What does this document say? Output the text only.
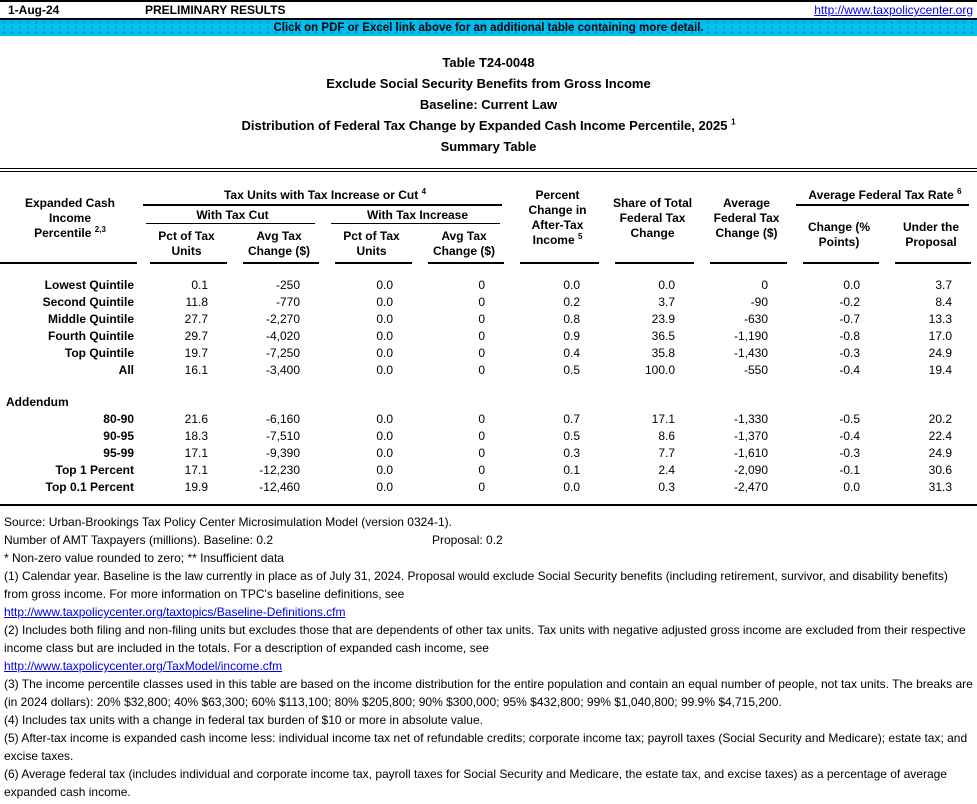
1-Aug-24	PRELIMINARY RESULTS	http://www.taxpolicycenter.org
Click on PDF or Excel link above for an additional table containing more detail.
Table T24-0048
Exclude Social Security Benefits from Gross Income
Baseline: Current Law
Distribution of Federal Tax Change by Expanded Cash Income Percentile, 2025 $^1$
Summary Table
Expanded Cash Income
Percentile $^{2,3}$	Tax Units with Tax Increase or Cut $^4$				Percent Change in After-Tax Income $^5$	Share of Total Federal Tax Change	Average Federal Tax Change ($)	Average Federal Tax Rate $^6$
	With Tax Cut		With Tax Increase					Change (% Points)	Under the Proposal
	Pct of Tax Units	Avg Tax Change ($)	Pct of Tax Units	Avg Tax Change ($)					

Lowest Quintile	0.1	-250	0.0	0	0.0	0.0	0	0.0	3.7
Second Quintile	11.8	-770	0.0	0	0.2	3.7	-90	-0.2	8.4
Middle Quintile	27.7	-2,270	0.0	0	0.8	23.9	-630	-0.7	13.3
Fourth Quintile	29.7	-4,020	0.0	0	0.9	36.5	-1,190	-0.8	17.0
Top Quintile	19.7	-7,250	0.0	0	0.4	35.8	-1,430	-0.3	24.9
All	16.1	-3,400	0.0	0	0.5	100.0	-550	-0.4	19.4

Addendum									
80-90	21.6	-6,160	0.0	0	0.7	17.1	-1,330	-0.5	20.2
90-95	18.3	-7,510	0.0	0	0.5	8.6	-1,370	-0.4	22.4
95-99	17.1	-9,390	0.0	0	0.3	7.7	-1,610	-0.3	24.9
Top 1 Percent	17.1	-12,230	0.0	0	0.1	2.4	-2,090	-0.1	30.6
Top 0.1 Percent	19.9	-12,460	0.0	0	0.0	0.3	-2,470	0.0	31.3

Source: Urban-Brookings Tax Policy Center Microsimulation Model (version 0324-1).

Number of AMT Taxpayers (millions). Baseline: 0.2	Proposal: 0.2

* Non-zero value rounded to zero; ** Insufficient data

(1) Calendar year. Baseline is the law currently in place as of July 31, 2024. Proposal would exclude Social Security benefits (including retirement, survivor, and disability benefits) from gross income. For more information on TPC's baseline definitions, see

http://www.taxpolicycenter.org/taxtopics/Baseline-Definitions.cfm

(2) Includes both filing and non-filing units but excludes those that are dependents of other tax units. Tax units with negative adjusted gross income are excluded from their respective income class but are included in the totals. For a description of expanded cash income, see

http://www.taxpolicycenter.org/TaxModel/income.cfm

(3) The income percentile classes used in this table are based on the income distribution for the entire population and contain an equal number of people, not tax units. The breaks are (in 2024 dollars): 20% $32,800; 40% $63,300; 60% $113,100; 80% $205,800; 90% $300,000; 95% $432,800; 99% $1,040,800; 99.9% $4,715,200.

(4) Includes tax units with a change in federal tax burden of $10 or more in absolute value.

(5) After-tax income is expanded cash income less: individual income tax net of refundable credits; corporate income tax; payroll taxes (Social Security and Medicare); estate tax; and excise taxes.

(6) Average federal tax (includes individual and corporate income tax, payroll taxes for Social Security and Medicare, the estate tax, and excise taxes) as a percentage of average expanded cash income.
